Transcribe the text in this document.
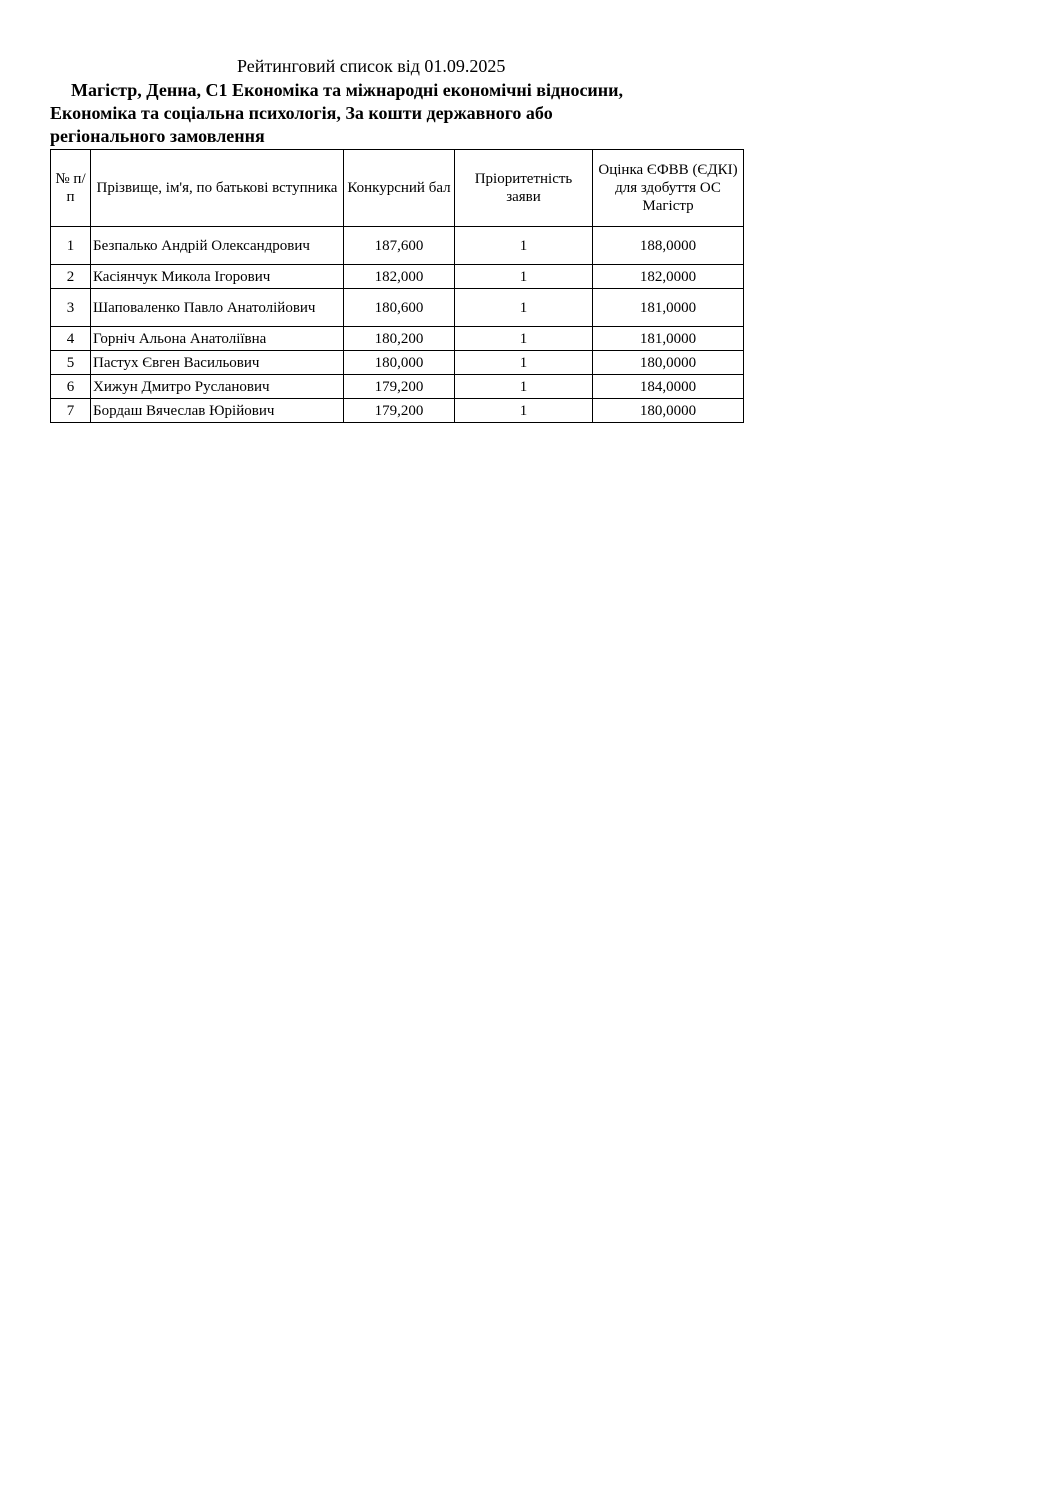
Рейтинговий список від 01.09.2025
Магістр, Денна, C1 Економіка та міжнародні економічні відносини,
Економіка та соціальна психологія, За кошти державного або
регіонального замовлення
№ п/п	Прізвище, ім'я, по батькові вступника	Конкурсний бал	Пріоритетність заяви	Оцінка ЄФВВ (ЄДКІ) для здобуття ОС Магістр
1	Безпалько Андрій Олександрович	187,600	1	188,0000
2	Касіянчук Микола Ігорович	182,000	1	182,0000
3	Шаповаленко Павло Анатолійович	180,600	1	181,0000
4	Горніч Альона Анатоліївна	180,200	1	181,0000
5	Пастух Євген Васильович	180,000	1	180,0000
6	Хижун Дмитро Русланович	179,200	1	184,0000
7	Бордаш Вячеслав Юрійович	179,200	1	180,0000
